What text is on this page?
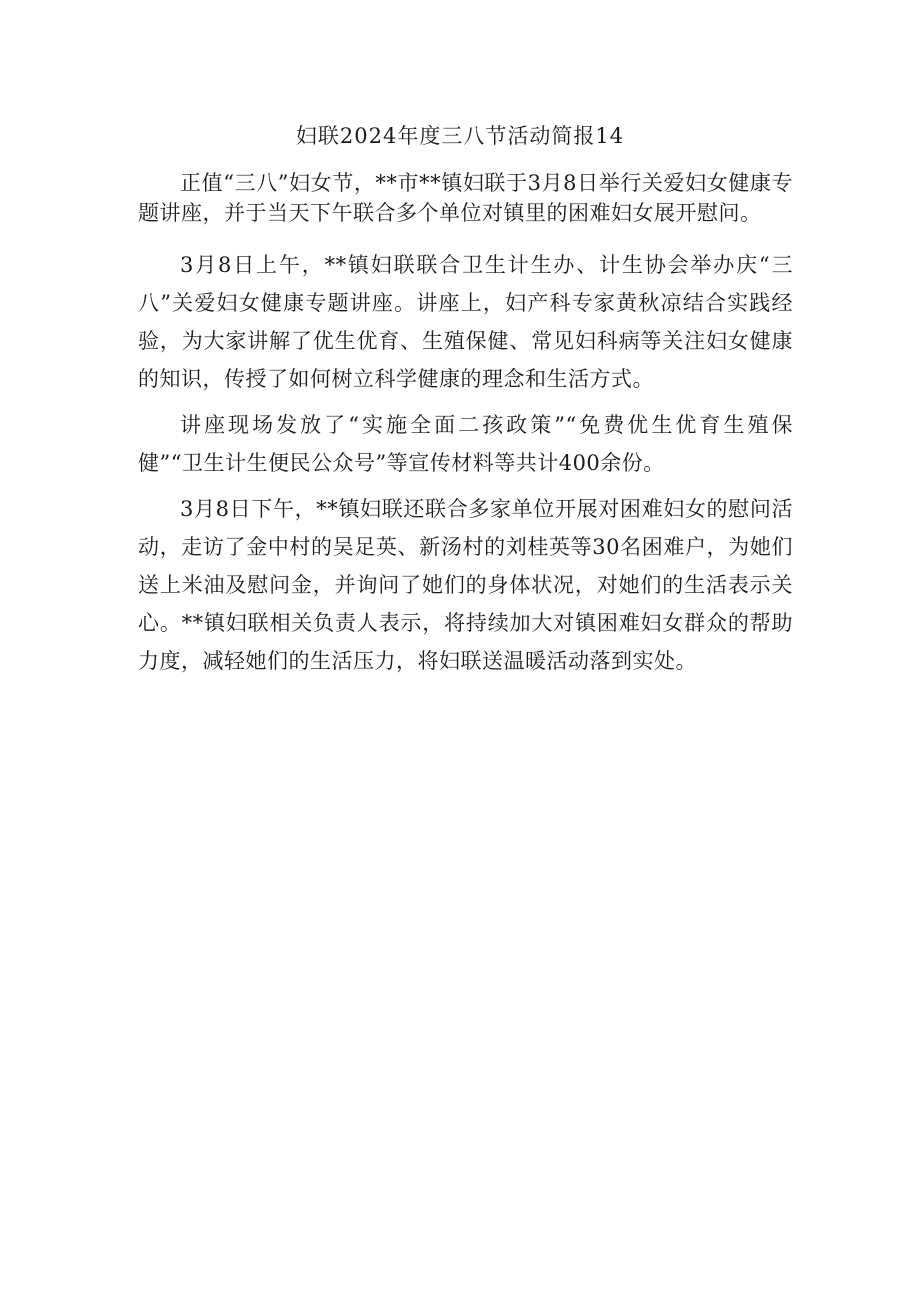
妇联2024年度三八节活动简报14

正值“三八”妇女节，**市**镇妇联于3月8日举行关爱妇女健康专题讲座，并于当天下午联合多个单位对镇里的困难妇女展开慰问。

3月8日上午，**镇妇联联合卫生计生办、计生协会举办庆“三八”关爱妇女健康专题讲座。讲座上，妇产科专家黄秋凉结合实践经验，为大家讲解了优生优育、生殖保健、常见妇科病等关注妇女健康的知识，传授了如何树立科学健康的理念和生活方式。

讲座现场发放了“实施全面二孩政策”“免费优生优育生殖保健”“卫生计生便民公众号”等宣传材料等共计400余份。

3月8日下午，**镇妇联还联合多家单位开展对困难妇女的慰问活动，走访了金中村的吴足英、新汤村的刘桂英等30名困难户，为她们送上米油及慰问金，并询问了她们的身体状况，对她们的生活表示关心。**镇妇联相关负责人表示，将持续加大对镇困难妇女群众的帮助力度，减轻她们的生活压力，将妇联送温暖活动落到实处。
